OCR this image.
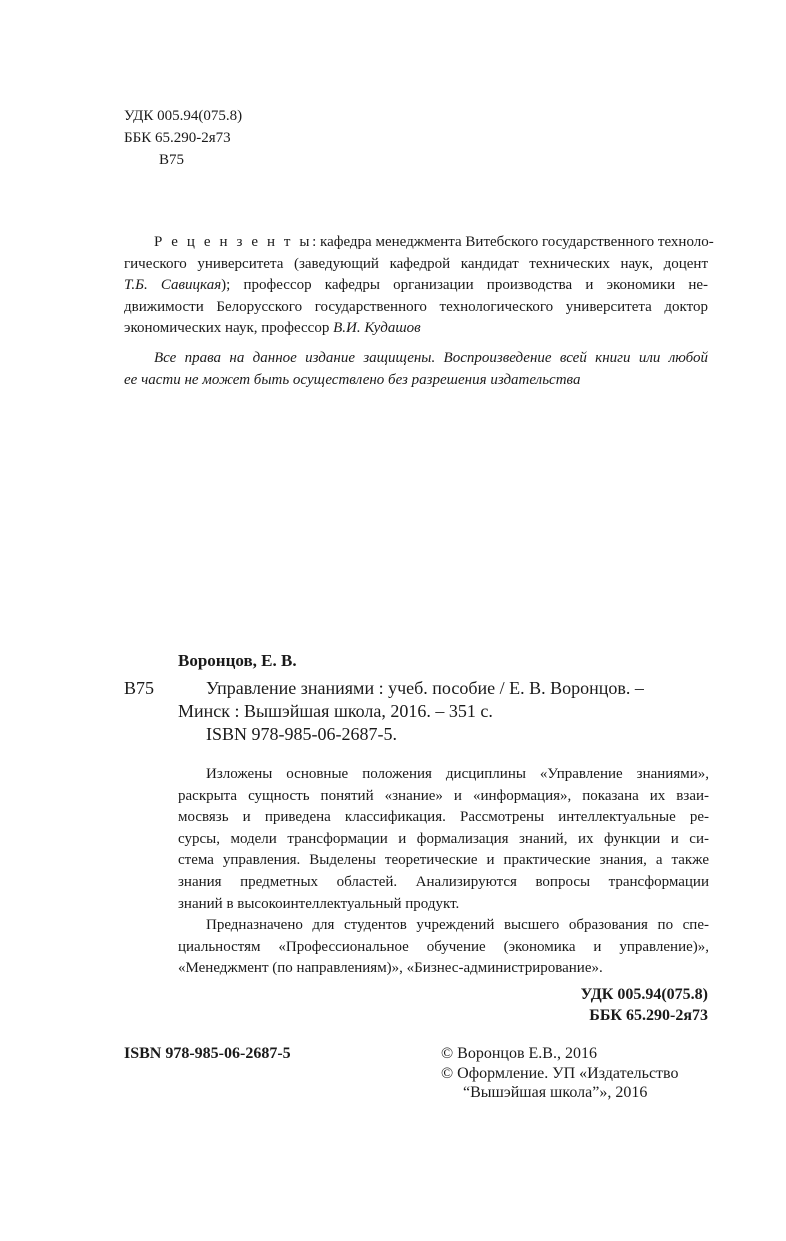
УДК 005.94(075.8)
ББК 65.290-2я73
В75
Р е ц е н з е н т ы: кафедра менеджмента Витебского государственного техноло-
гического университета (заведующий кафедрой кандидат технических наук, доцент
Т.Б. Савицкая); профессор кафедры организации производства и экономики не-
движимости Белорусского государственного технологического университета доктор
экономических наук, профессор В.И. Кудашов
Все права на данное издание защищены. Воспроизведение всей книги или любой
ее части не может быть осуществлено без разрешения издательства
Воронцов, Е. В.
В75	Управление знаниями : учеб. пособие / Е. В. Воронцов. –
Минск : Вышэйшая школа, 2016. – 351 с.
ISBN 978-985-06-2687-5.
Изложены основные положения дисциплины «Управление знаниями»,
раскрыта сущность понятий «знание» и «информация», показана их взаи-
мосвязь и приведена классификация. Рассмотрены интеллектуальные ре-
сурсы, модели трансформации и формализация знаний, их функции и си-
стема управления. Выделены теоретические и практические знания, а также
знания предметных областей. Анализируются вопросы трансформации
знаний в высокоинтеллектуальный продукт.
Предназначено для студентов учреждений высшего образования по спе-
циальностям «Профессиональное обучение (экономика и управление)»,
«Менеджмент (по направлениям)», «Бизнес-администрирование».
УДК 005.94(075.8)
ББК 65.290-2я73
ISBN 978-985-06-2687-5	© Воронцов Е.В., 2016
© Оформление. УП «Издательство
“Вышэйшая школа”», 2016
